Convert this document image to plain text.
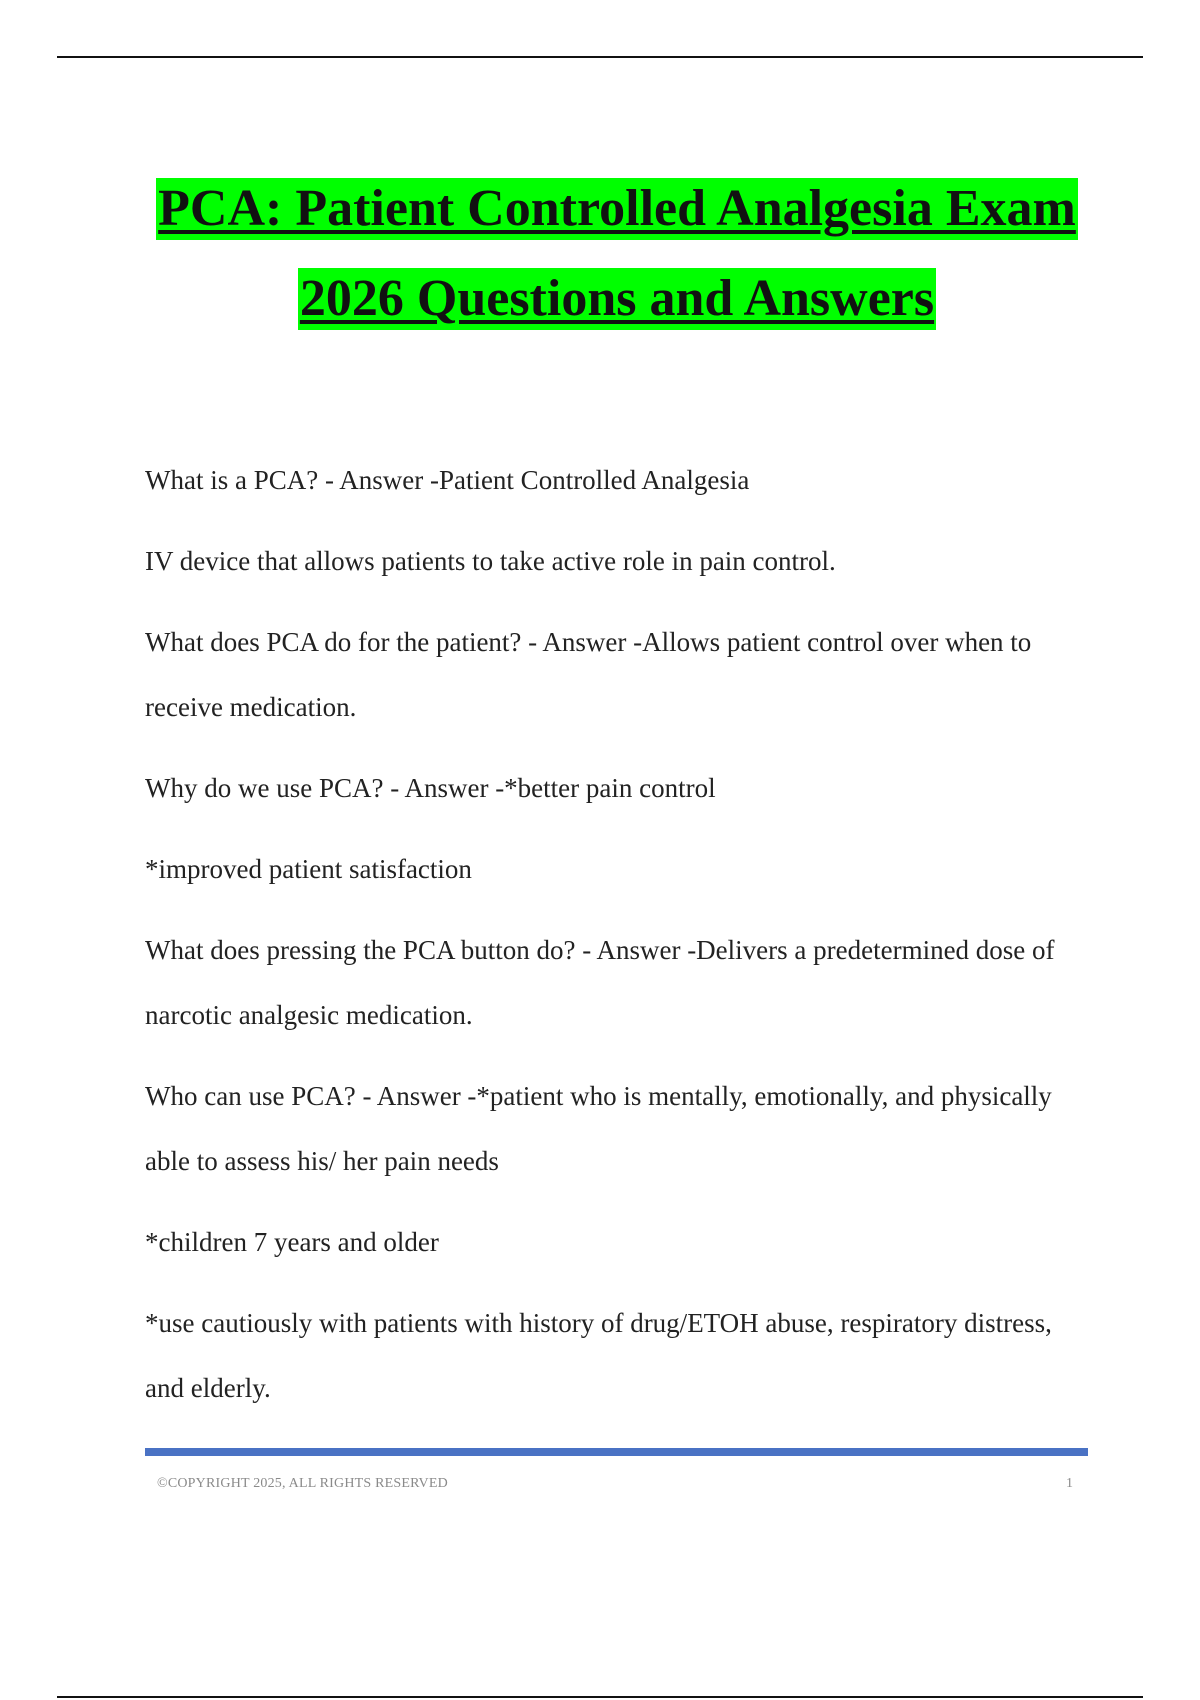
PCA: Patient Controlled Analgesia Exam
2026 Questions and Answers

What is a PCA? - Answer -Patient Controlled Analgesia

IV device that allows patients to take active role in pain control.

What does PCA do for the patient? - Answer -Allows patient control over when to receive medication.

Why do we use PCA? - Answer -*better pain control

*improved patient satisfaction

What does pressing the PCA button do? - Answer -Delivers a predetermined dose of narcotic analgesic medication.

Who can use PCA? - Answer -*patient who is mentally, emotionally, and physically able to assess his/ her pain needs

*children 7 years and older

*use cautiously with patients with history of drug/ETOH abuse, respiratory distress, and elderly.

©COPYRIGHT 2025, ALL RIGHTS RESERVED	1
